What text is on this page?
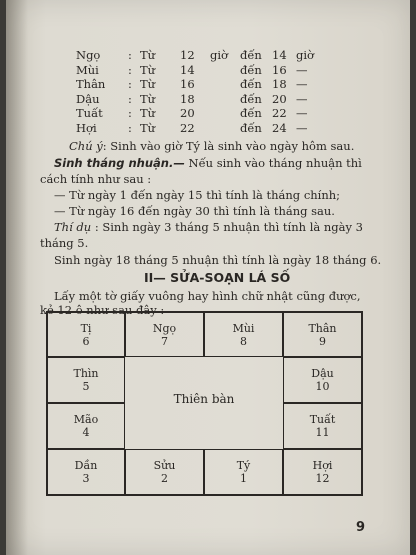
Ngọ	:	Từ	12	giờ	đến	14	giờ
Mùi	:	Từ	14		đến	16	—
Thân	:	Từ	16		đến	18	—
Dậu	:	Từ	18		đến	20	—
Tuất	:	Từ	20		đến	22	—
Hợi	:	Từ	22		đến	24	—
Chú ý: Sinh vào giờ Tý là sinh vào ngày hôm sau.
Sinh tháng nhuận.— Nếu sinh vào tháng nhuận thì
cách tính như sau :
— Từ ngày 1 đến ngày 15 thì tính là tháng chính;
— Từ ngày 16 đến ngày 30 thì tính là tháng sau.
Thí dụ : Sinh ngày 3 tháng 5 nhuận thì tính là ngày 3
tháng 5.
Sinh ngày 18 tháng 5 nhuận thì tính là ngày 18 tháng 6.
II— SỬA-SOẠN LÁ SỐ
Lấy một tờ giấy vuông hay hình chữ nhật cũng được,
kẻ 12 ô như sau đây :
Thiên bàn
Tị
6
Ngọ
7
Mùi
8
Thân
9
Thìn
5
Dậu
10
Mão
4
Tuất
11
Dần
3
Sửu
2
Tý
1
Hợi
12
9
